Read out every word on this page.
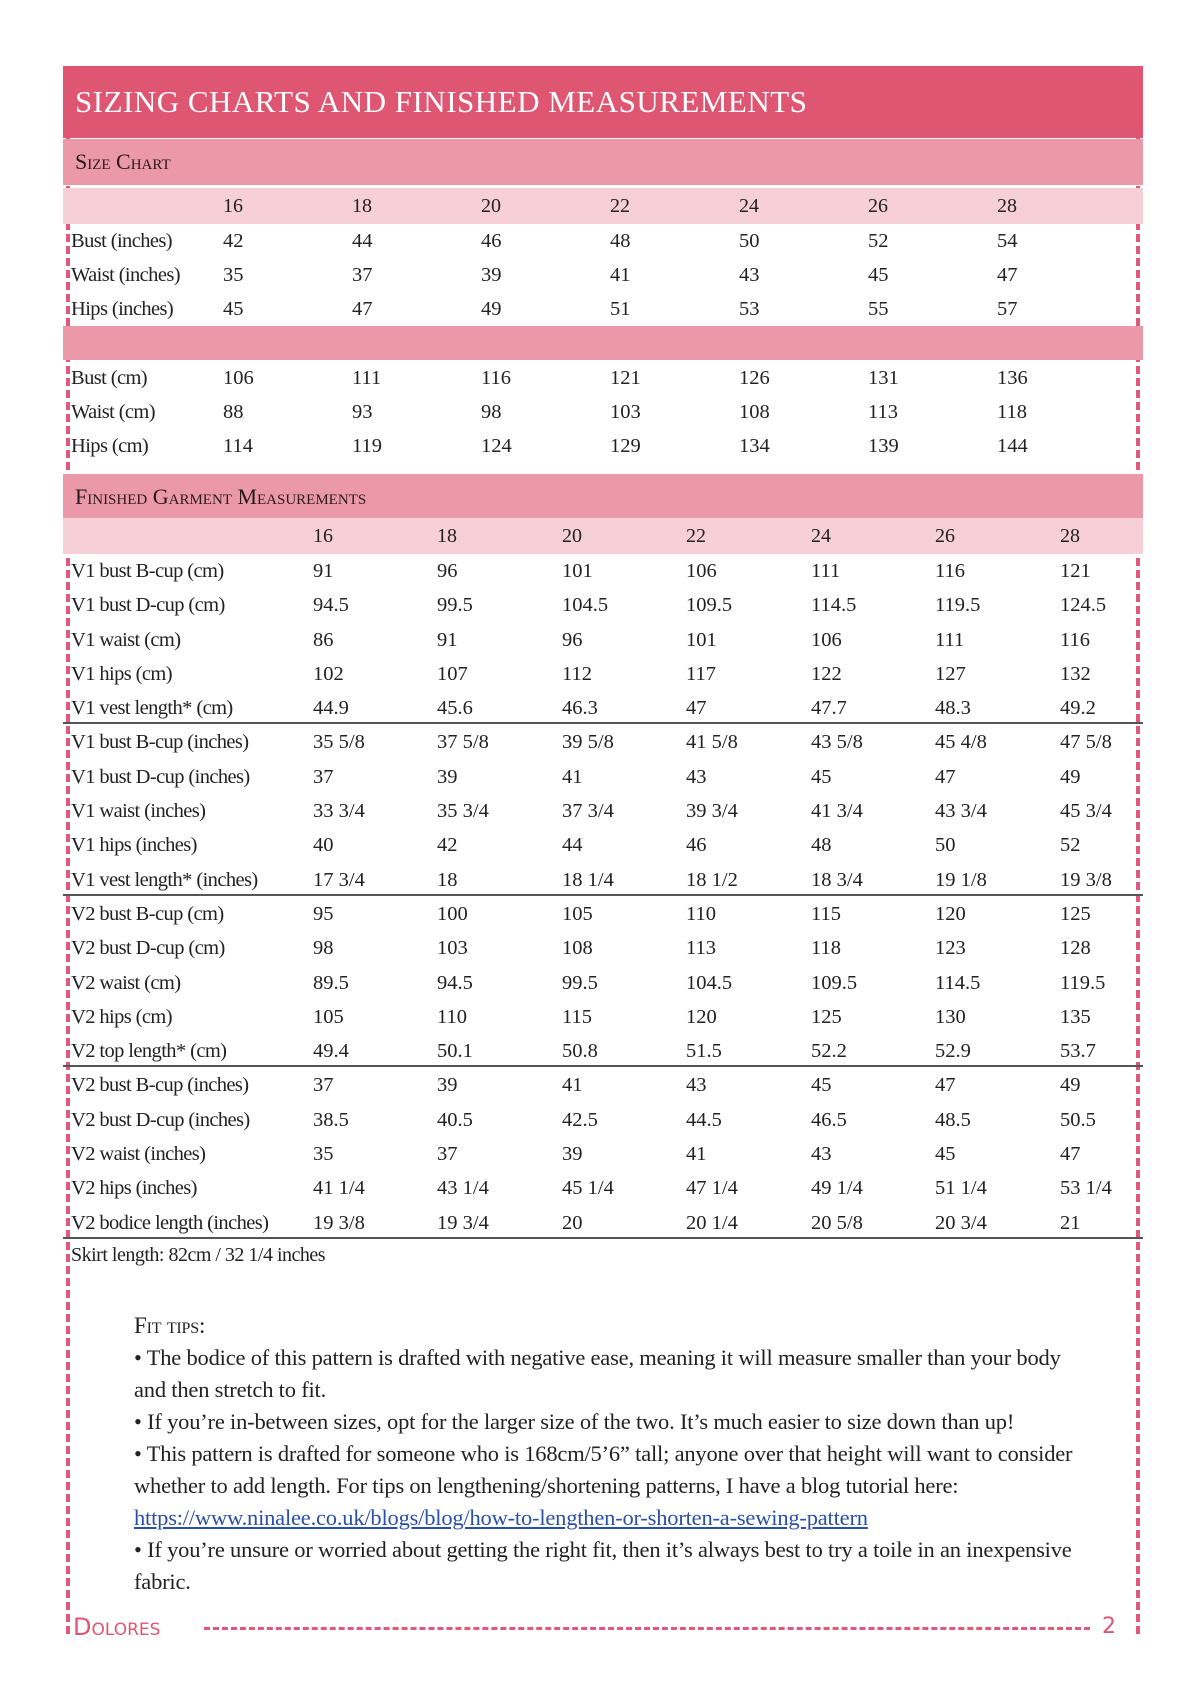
SIZING CHARTS AND FINISHED MEASUREMENTS
Size Chart
16	18	20	22	24	26	28
Bust (inches) 42	44	46	48	50	52	54
Waist (inches) 35	37	39	41	43	45	47
Hips (inches) 45	47	49	51	53	55	57
Bust (cm)	106	111	116	121	126	131	136
Waist (cm)	88	93	98	103	108	113	118
Hips (cm)	114	119	124	129	134	139	144
Finished Garment Measurements
16	18	20	22	24	26	28
V1 bust B-cup (cm)	91	96	101	106	111	116	121
V1 bust D-cup (cm)	94.5	99.5	104.5	109.5	114.5	119.5	124.5
V1 waist (cm)	86	91	96	101	106	111	116
V1 hips (cm)	102	107	112	117	122	127	132
V1 vest length* (cm)	44.9	45.6	46.3	47	47.7	48.3	49.2
V1 bust B-cup (inches)	35 5/8	37 5/8	39 5/8	41 5/8	43 5/8	45 4/8	47 5/8
V1 bust D-cup (inches)	37	39	41	43	45	47	49
V1 waist (inches)	33 3/4	35 3/4	37 3/4	39 3/4	41 3/4	43 3/4	45 3/4
V1 hips (inches)	40	42	44	46	48	50	52
V1 vest length* (inches)	17 3/4	18	18 1/4	18 1/2	18 3/4	19 1/8	19 3/8
V2 bust B-cup (cm)	95	100	105	110	115	120	125
V2 bust D-cup (cm)	98	103	108	113	118	123	128
V2 waist (cm)	89.5	94.5	99.5	104.5	109.5	114.5	119.5
V2 hips (cm)	105	110	115	120	125	130	135
V2 top length* (cm)	49.4	50.1	50.8	51.5	52.2	52.9	53.7
V2 bust B-cup (inches)	37	39	41	43	45	47	49
V2 bust D-cup (inches)	38.5	40.5	42.5	44.5	46.5	48.5	50.5
V2 waist (inches)	35	37	39	41	43	45	47
V2 hips (inches)	41 1/4	43 1/4	45 1/4	47 1/4	49 1/4	51 1/4	53 1/4
V2 bodice length (inches) 19 3/8	19 3/4	20	20 1/4	20 5/8	20 3/4	21
Skirt length: 82cm / 32 1/4 inches

Fit tips:

• The bodice of this pattern is drafted with negative ease, meaning it will measure smaller than your body and then stretch to fit.

• If you’re in-between sizes, opt for the larger size of the two. It’s much easier to size down than up!

• This pattern is drafted for someone who is 168cm/5’6” tall; anyone over that height will want to consider whether to add length. For tips on lengthening/shortening patterns, I have a blog tutorial here: https://www.ninalee.co.uk/blogs/blog/how-to-lengthen-or-shorten-a-sewing-pattern

• If you’re unsure or worried about getting the right fit, then it’s always best to try a toile in an inexpensive fabric.

Dolores	2
